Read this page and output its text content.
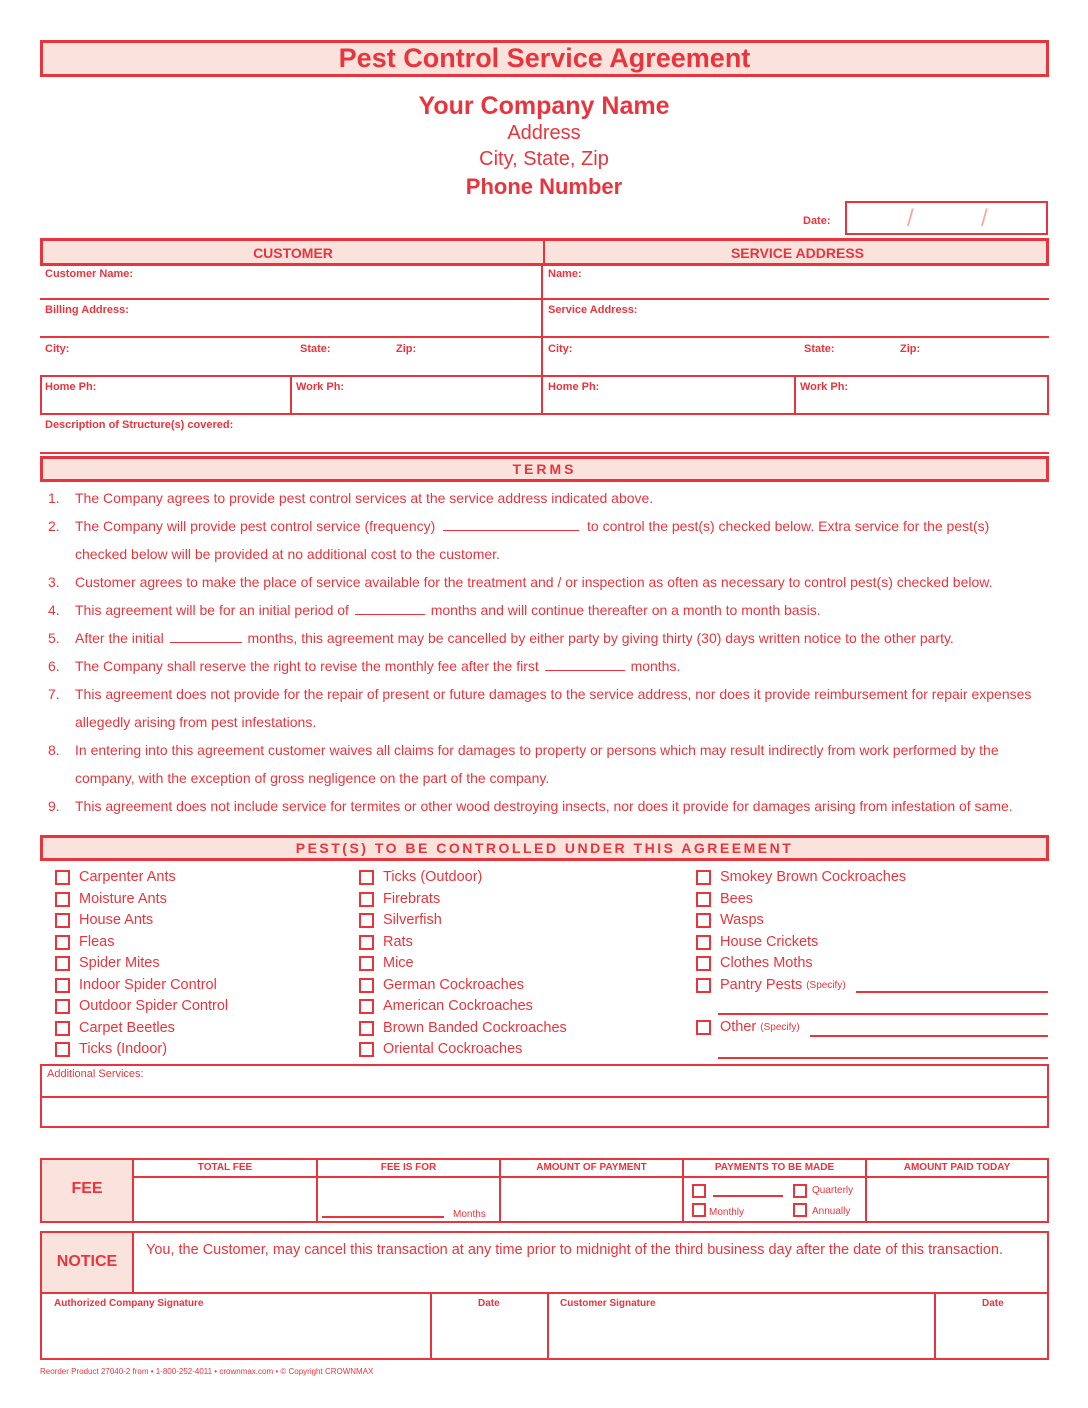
Pest Control Service Agreement
Your Company Name
Address
City, State, Zip
Phone Number
Date:	/	/
CUSTOMER	SERVICE ADDRESS
Customer Name:	Name:
Billing Address:	Service Address:
City:	State:	Zip:	City:	State:	Zip:
Home Ph:	Work Ph:	Home Ph:	Work Ph:
Description of Structure(s) covered:
TERMS
1. The Company agrees to provide pest control services at the service address indicated above.
2. The Company will provide pest control service (frequency)	to control the pest(s) checked below. Extra service for the pest(s)
checked below will be provided at no additional cost to the customer.
3. Customer agrees to make the place of service available for the treatment and / or inspection as often as necessary to control pest(s) checked below.
4. This agreement will be for an initial period of	months and will continue thereafter on a month to month basis.
5. After the initial	months, this agreement may be cancelled by either party by giving thirty (30) days written notice to the other party.
6. The Company shall reserve the right to revise the monthly fee after the first	months.
7. This agreement does not provide for the repair of present or future damages to the service address, nor does it provide reimbursement for repair expenses
allegedly arising from pest infestations.
8. In entering into this agreement customer waives all claims for damages to property or persons which may result indirectly from work performed by the
company, with the exception of gross negligence on the part of the company.
9. This agreement does not include service for termites or other wood destroying insects, nor does it provide for damages arising from infestation of same.
PEST(S) TO BE CONTROLLED UNDER THIS AGREEMENT
Carpenter Ants
Moisture Ants
House Ants
Fleas
Spider Mites
Indoor Spider Control
Outdoor Spider Control
Carpet Beetles
Ticks (Indoor)
Ticks (Outdoor)
Firebrats
Silverfish
Rats
Mice
German Cockroaches
American Cockroaches
Brown Banded Cockroaches
Oriental Cockroaches
Smokey Brown Cockroaches
Bees
Wasps
House Crickets
Clothes Moths
Pantry Pests (Specify)
Other (Specify)
Additional Services:
FEE
TOTAL FEE	FEE IS FOR	AMOUNT OF PAYMENT	PAYMENTS TO BE MADE	AMOUNT PAID TODAY
Months
Quarterly
Monthly	Annually
NOTICE
You, the Customer, may cancel this transaction at any time prior to midnight of the third business day after the date of this transaction.
Authorized Company Signature	Date	Customer Signature	Date
Reorder Product 27040-2 from • 1-800-252-4011 • crownmax.com • © Copyright CROWNMAX
